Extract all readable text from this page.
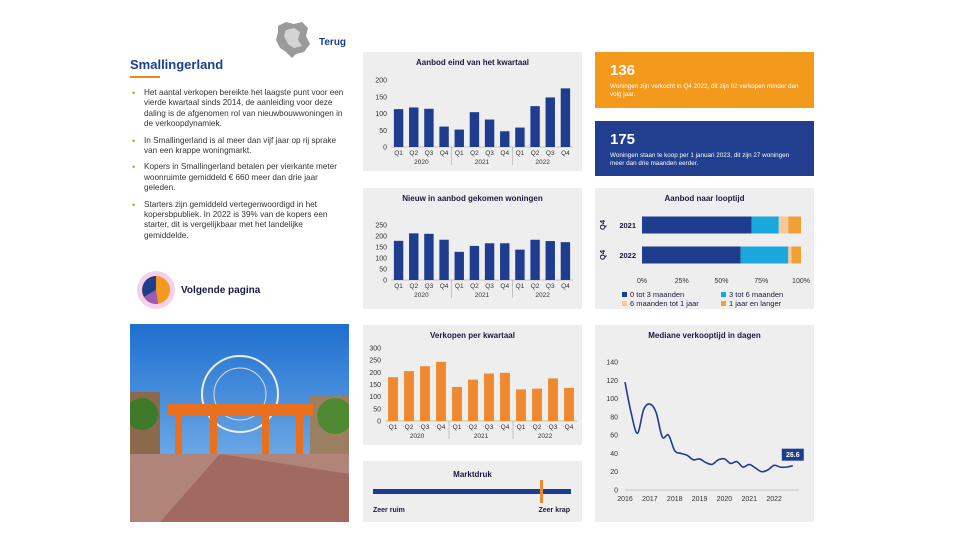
Terug
Smallingerland
• Het aantal verkopen bereikte het laagste punt voor een vierde kwartaal sinds 2014, de aanleiding voor deze daling is de afgenomen rol van nieuwbouwwoningen in de verkoopdynamiek.
• In Smallingerland is al meer dan vijf jaar op rij sprake van een krappe woningmarkt.
• Kopers in Smallingerland betalen per vierkante meter woonruimte gemiddeld € 660 meer dan drie jaar geleden.
• Starters zijn gemiddeld vertegenwoordigd in het kopersbpubliek. In 2022 is 39% van de kopers een starter, dit is vergelijkbaar met het landelijke gemiddelde.
Volgende pagina
Aanbod eind van het kwartaal
0
50
100
150
200
Q1 Q2 Q3 Q4 Q1 Q2 Q3 Q4 Q1 Q2 Q3 Q4
2020	2021	2022
Nieuw in aanbod gekomen woningen
0
50
100
150
200
250
Q1 Q2 Q3 Q4 Q1 Q2 Q3 Q4 Q1 Q2 Q3 Q4
2020	2021	2022
Verkopen per kwartaal
0
50
100
150
200
250
300
Q1 Q2 Q3 Q4 Q1 Q2 Q3 Q4 Q1 Q2 Q3 Q4
2020	2021	2022
Marktdruk
Zeer ruim	Zeer krap
136
Woningen zijn verkocht in Q4 2022, dit zijn 62 verkopen minder dan volg jaar.
175
Woningen staan te koop per 1 januari 2023, dit zijn 27 woningen meer dan drie maanden eerder.
Aanbod naar looptijd
2021
Q4
2022
Q4
0%	25%	50%	75%	100%
0 tot 3 maanden	3 tot 6 maanden
6 maanden tot 1 jaar	1 jaar en langer
Mediane verkooptijd in dagen
0
20
40
60
80
100
120
140
2016 2017 2018 2019 2020 2021 2022
26.6
